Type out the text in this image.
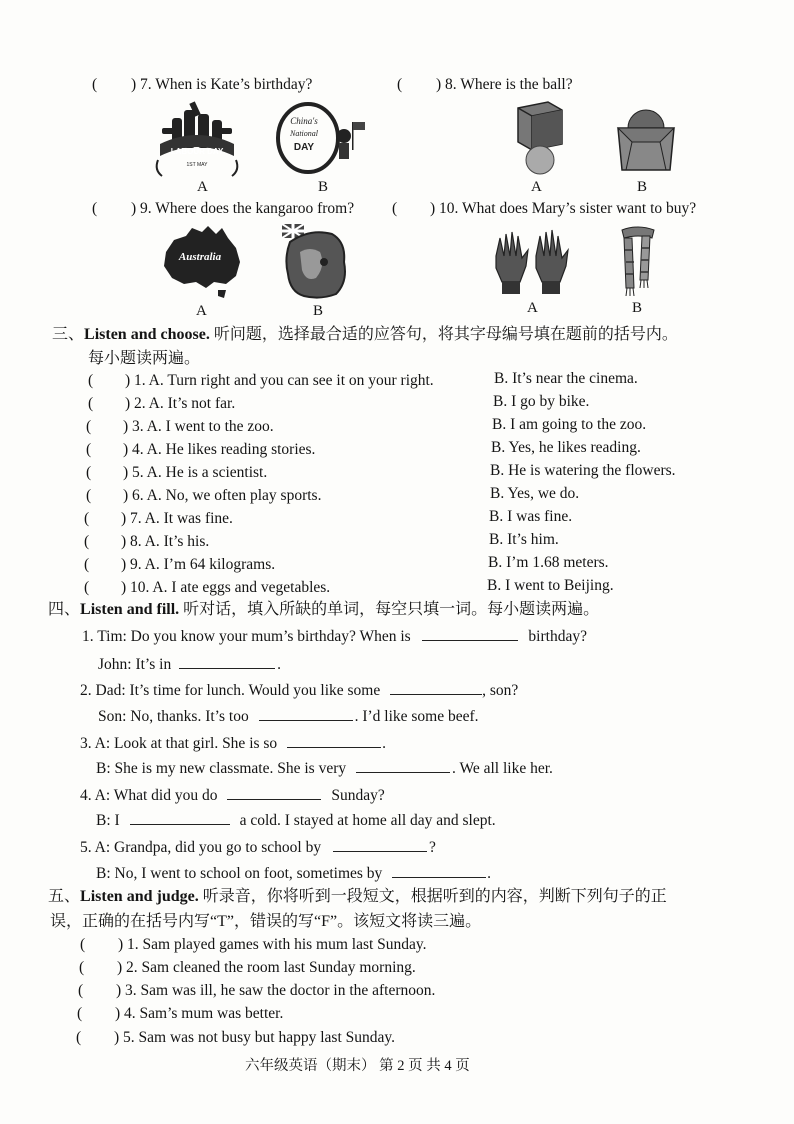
( ) 7. When is Kate’s birthday?	( ) 8. Where is the ball?
LABOUR DAY
1ST MAY
A
China's
National
DAY
B	A	B
( ) 9. Where does the kangaroo from? ( ) 10. What does Mary’s sister want to buy?
Australia
A	B	A	B
三、Listen and choose. 听问题，选择最合适的应答句，将其字母编号填在题前的括号内。
每小题读两遍。
( ) 1. A. Turn right and you can see it on your right.	B. It’s near the cinema.
( ) 2. A. It’s not far.	B. I go by bike.
( ) 3. A. I went to the zoo.	B. I am going to the zoo.
( ) 4. A. He likes reading stories.	B. Yes, he likes reading.
( ) 5. A. He is a scientist.	B. He is watering the flowers.
( ) 6. A. No, we often play sports.	B. Yes, we do.
( ) 7. A. It was fine.	B. I was fine.
( ) 8. A. It’s his.	B. It’s him.
( ) 9. A. I’m 64 kilograms.	B. I’m 1.68 meters.
( ) 10. A. I ate eggs and vegetables.	B. I went to Beijing.
四、Listen and fill. 听对话，填入所缺的单词，每空只填一词。每小题读两遍。
1. Tim: Do you know your mum’s birthday? When is	birthday?
John: It’s in	.
2. Dad: It’s time for lunch. Would you like some	, son?
Son: No, thanks. It’s too	. I’d like some beef.
3. A: Look at that girl. She is so	.
B: She is my new classmate. She is very	. We all like her.
4. A: What did you do	Sunday?
B: I	a cold. I stayed at home all day and slept.
5. A: Grandpa, did you go to school by	?
B: No, I went to school on foot, sometimes by	.
五、Listen and judge. 听录音，你将听到一段短文，根据听到的内容，判断下列句子的正
误，正确的在括号内写“T”，错误的写“F”。该短文将读三遍。
( ) 1. Sam played games with his mum last Sunday.
( ) 2. Sam cleaned the room last Sunday morning.
( ) 3. Sam was ill, he saw the doctor in the afternoon.
( ) 4. Sam’s mum was better.
( ) 5. Sam was not busy but happy last Sunday.
六年级英语（期末） 第 2 页 共 4 页
